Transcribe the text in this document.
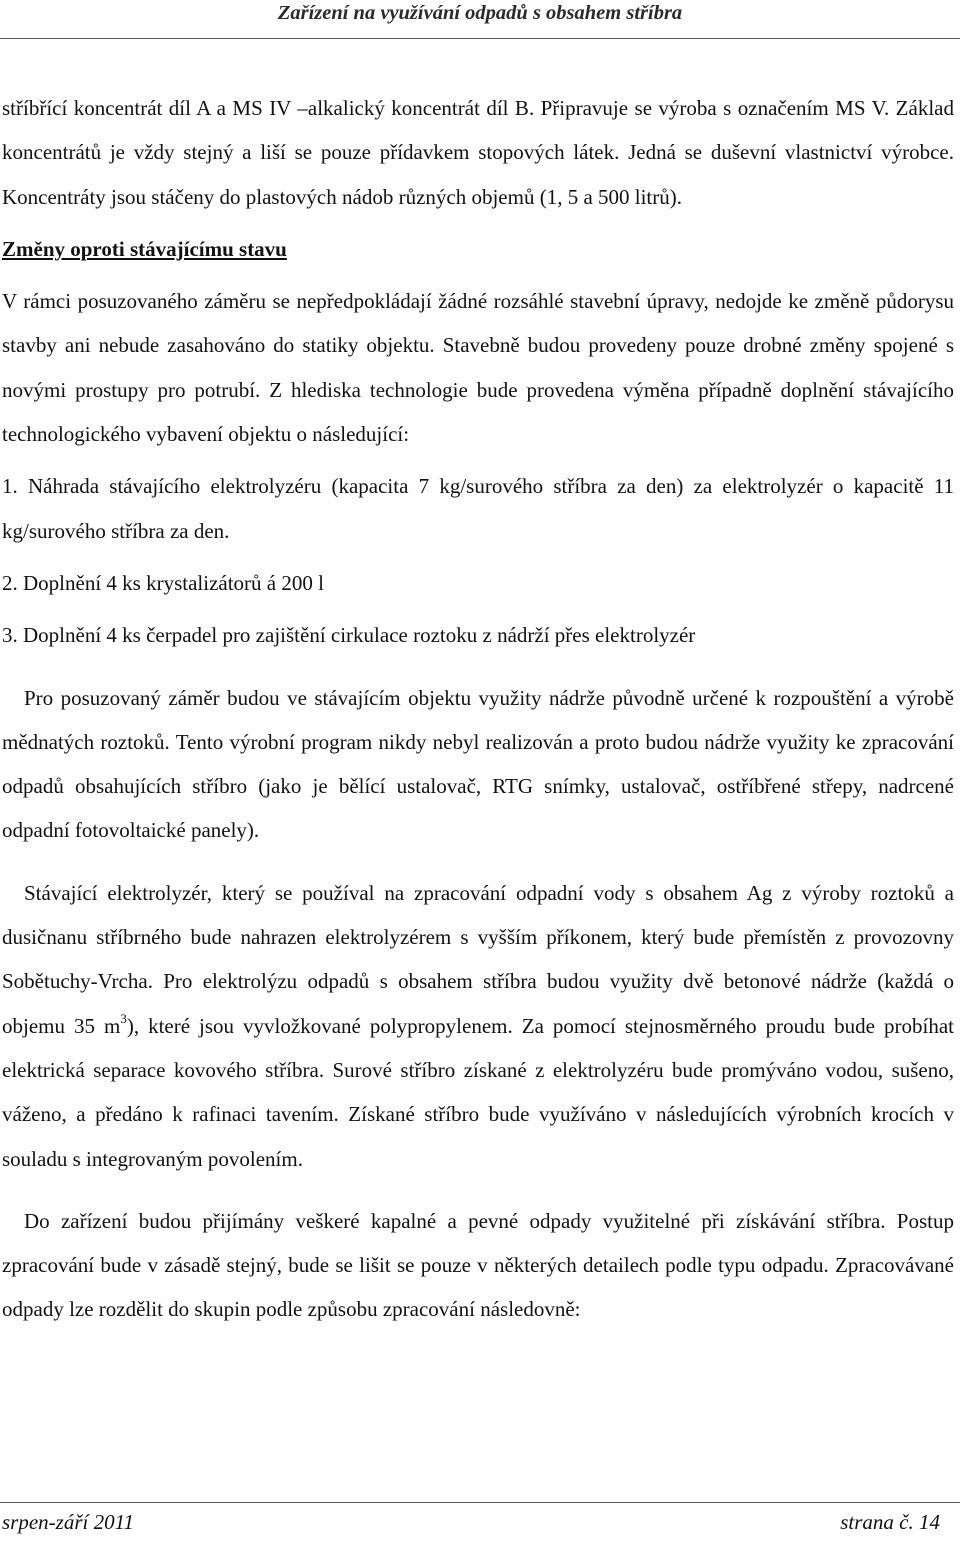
Zařízení na využívání odpadů s obsahem stříbra

stříbřící koncentrát díl A a MS IV –alkalický koncentrát díl B. Připravuje se výroba s označením MS V. Základ koncentrátů je vždy stejný a liší se pouze přídavkem stopových látek. Jedná se duševní vlastnictví výrobce. Koncentráty jsou stáčeny do plastových nádob různých objemů (1, 5 a 500 litrů).

Změny oproti stávajícímu stavu

V rámci posuzovaného záměru se nepředpokládají žádné rozsáhlé stavební úpravy, nedojde ke změně půdorysu stavby ani nebude zasahováno do statiky objektu. Stavebně budou provedeny pouze drobné změny spojené s novými prostupy pro potrubí. Z hlediska technologie bude provedena výměna případně doplnění stávajícího technologického vybavení objektu o následující:

1. Náhrada stávajícího elektrolyzéru (kapacita 7 kg/surového stříbra za den) za elektrolyzér o kapacitě 11 kg/surového stříbra za den.

2. Doplnění 4 ks krystalizátorů á 200 l

3. Doplnění 4 ks čerpadel pro zajištění cirkulace roztoku z nádrží přes elektrolyzér

Pro posuzovaný záměr budou ve stávajícím objektu využity nádrže původně určené k rozpouštění a výrobě mědnatých roztoků. Tento výrobní program nikdy nebyl realizován a proto budou nádrže využity ke zpracování odpadů obsahujících stříbro (jako je bělící ustalovač, RTG snímky, ustalovač, ostříbřené střepy, nadrcené odpadní fotovoltaické panely).

Stávající elektrolyzér, který se používal na zpracování odpadní vody s obsahem Ag z výroby roztoků a dusičnanu stříbrného bude nahrazen elektrolyzérem s vyšším příkonem, který bude přemístěn z provozovny Sobětuchy-Vrcha. Pro elektrolýzu odpadů s obsahem stříbra budou využity dvě betonové nádrže (každá o objemu 35 $m^3$), které jsou vyvložkované polypropylenem. Za pomocí stejnosměrného proudu bude probíhat elektrická separace kovového stříbra. Surové stříbro získané z elektrolyzéru bude promýváno vodou, sušeno, váženo, a předáno k rafinaci tavením. Získané stříbro bude využíváno v následujících výrobních krocích v souladu s integrovaným povolením.

Do zařízení budou přijímány veškeré kapalné a pevné odpady využitelné při získávání stříbra. Postup zpracování bude v zásadě stejný, bude se lišit se pouze v některých detailech podle typu odpadu. Zpracovávané odpady lze rozdělit do skupin podle způsobu zpracování následovně:

srpen-září 2011	strana č. 14
